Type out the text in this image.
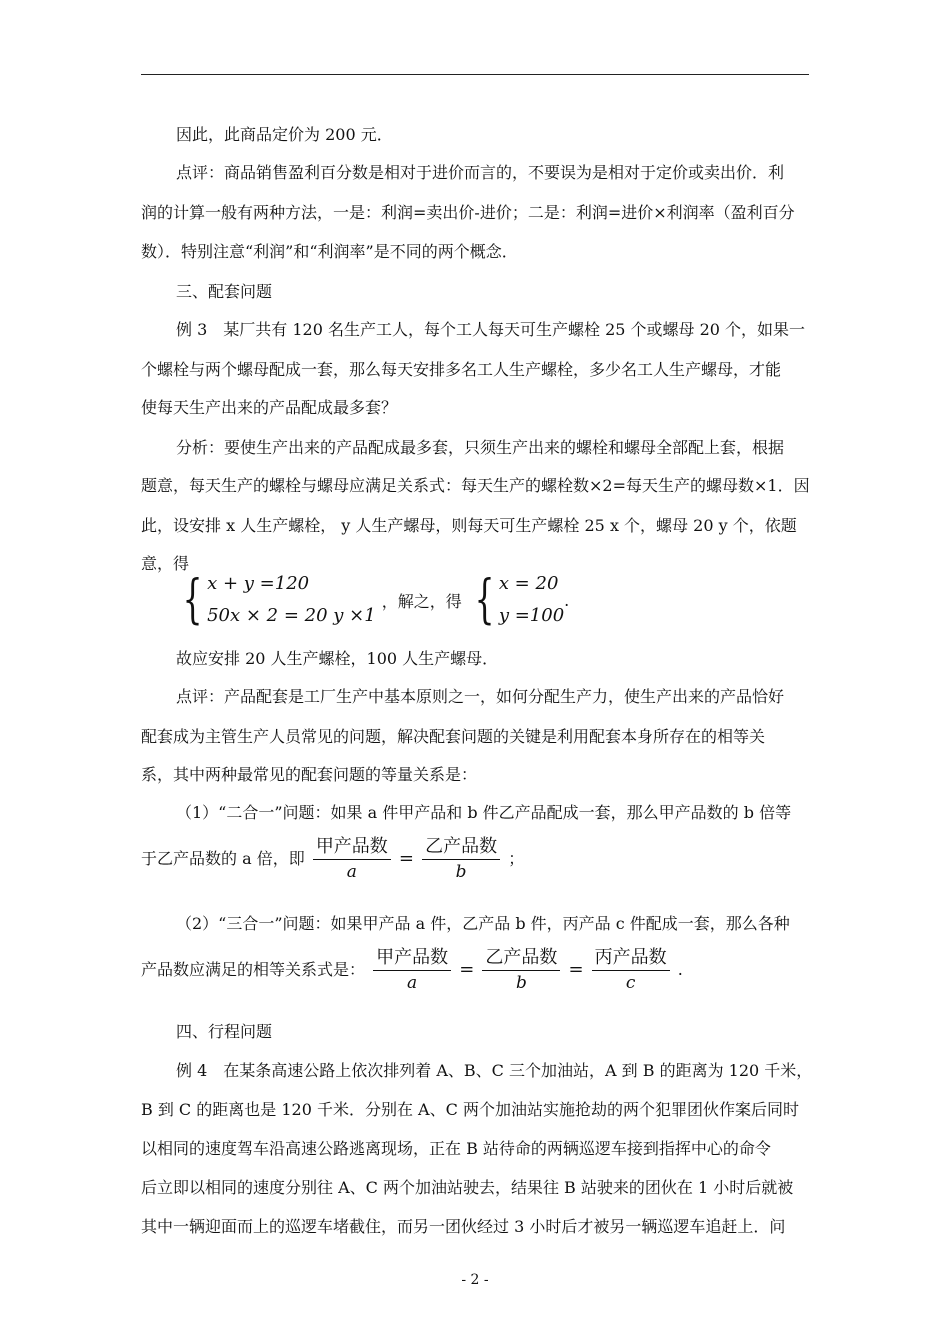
因此，此商品定价为 200 元．
点评：商品销售盈利百分数是相对于进价而言的，不要误为是相对于定价或卖出价．利
润的计算一般有两种方法，一是：利润=卖出价-进价；二是：利润=进价×利润率（盈利百分
数）．特别注意“利润”和“利润率”是不同的两个概念．
三、配套问题
例 3　某厂共有 120 名生产工人，每个工人每天可生产螺栓 25 个或螺母 20 个，如果一
个螺栓与两个螺母配成一套，那么每天安排多名工人生产螺栓，多少名工人生产螺母，才能
使每天生产出来的产品配成最多套？
分析：要使生产出来的产品配成最多套，只须生产出来的螺栓和螺母全部配上套，根据
题意，每天生产的螺栓与螺母应满足关系式：每天生产的螺栓数×2=每天生产的螺母数×1．因
此，设安排 x 人生产螺栓， y 人生产螺母，则每天可生产螺栓 25 x 个，螺母 20 y 个，依题
意，得
{ x + y =120
50x × 2 = 20 y ×1
，解之，得 { x = 20
y =100
.
故应安排 20 人生产螺栓，100 人生产螺母．
点评：产品配套是工厂生产中基本原则之一，如何分配生产力，使生产出来的产品恰好
配套成为主管生产人员常见的问题，解决配套问题的关键是利用配套本身所存在的相等关
系，其中两种最常见的配套问题的等量关系是：
（1）“二合一”问题：如果 a 件甲产品和 b 件乙产品配成一套，那么甲产品数的 b 倍等
于乙产品数的 a 倍，即 $\frac{\text{甲产品数}}{a} = \frac{\text{乙产品数}}{b}$ ；
（2）“三合一”问题：如果甲产品 a 件，乙产品 b 件，丙产品 c 件配成一套，那么各种
产品数应满足的相等关系式是： $\frac{\text{甲产品数}}{a} = \frac{\text{乙产品数}}{b} = \frac{\text{丙产品数}}{c}$ .
四、行程问题
例 4　在某条高速公路上依次排列着 A、B、C 三个加油站，A 到 B 的距离为 120 千米，
B 到 C 的距离也是 120 千米．分别在 A、C 两个加油站实施抢劫的两个犯罪团伙作案后同时
以相同的速度驾车沿高速公路逃离现场，正在 B 站待命的两辆巡逻车接到指挥中心的命令
后立即以相同的速度分别往 A、C 两个加油站驶去，结果往 B 站驶来的团伙在 1 小时后就被
其中一辆迎面而上的巡逻车堵截住，而另一团伙经过 3 小时后才被另一辆巡逻车追赶上．问
- 2 -
